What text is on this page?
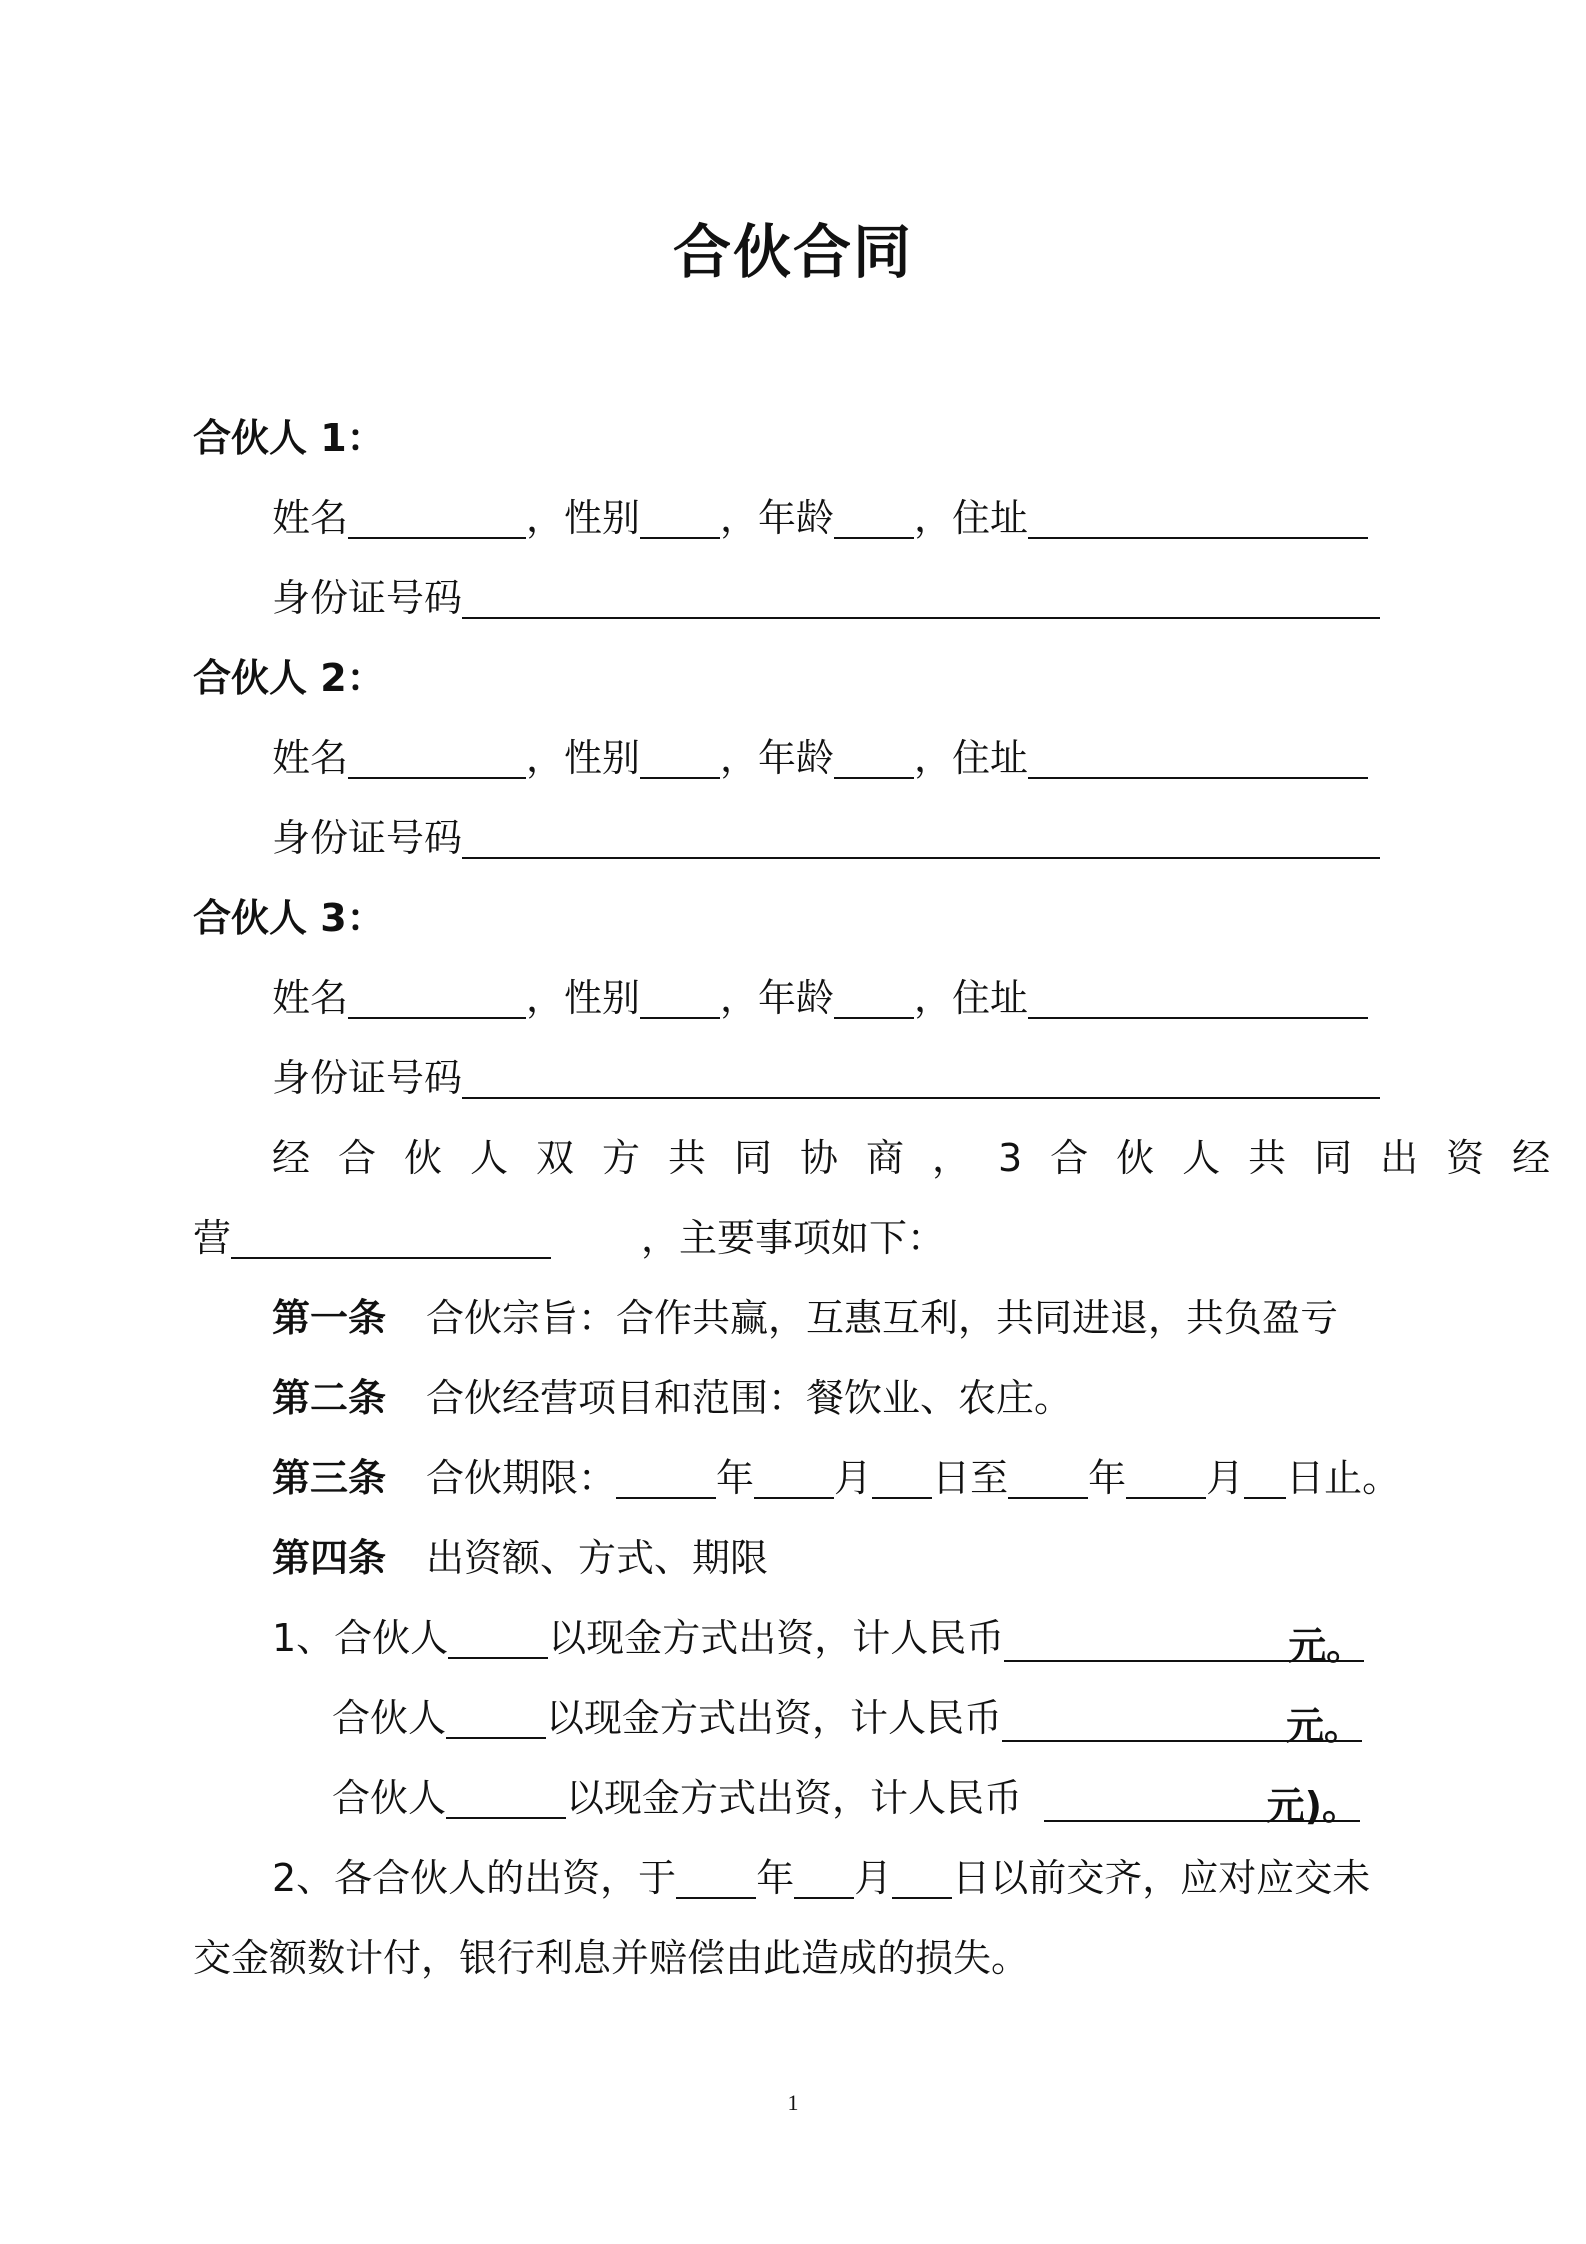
合伙合同
合伙人 1：
姓名	，性别 ，年龄 ，住址
身份证号码
合伙人 2：
姓名	，性别 ，年龄 ，住址
身份证号码
合伙人 3：
姓名	，性别 ，年龄 ，住址
身份证号码
经合伙人双方共同协商，3合伙人共同出资经
营	，主要事项如下：
第一条 合伙宗旨：合作共赢，互惠互利，共同进退，共负盈亏
第二条 合伙经营项目和范围：餐饮业、农庄。
第三条 合伙期限：	年 月 日至 年 月 日止。
第四条 出资额、方式、期限
1、合伙人	以现金方式出资，计人民币	元。
合伙人	以现金方式出资，计人民币	元。
合伙人	以现金方式出资，计人民币	元)。
2、各合伙人的出资，于 年 月 日以前交齐，应对应交未
交金额数计付，银行利息并赔偿由此造成的损失。
1
